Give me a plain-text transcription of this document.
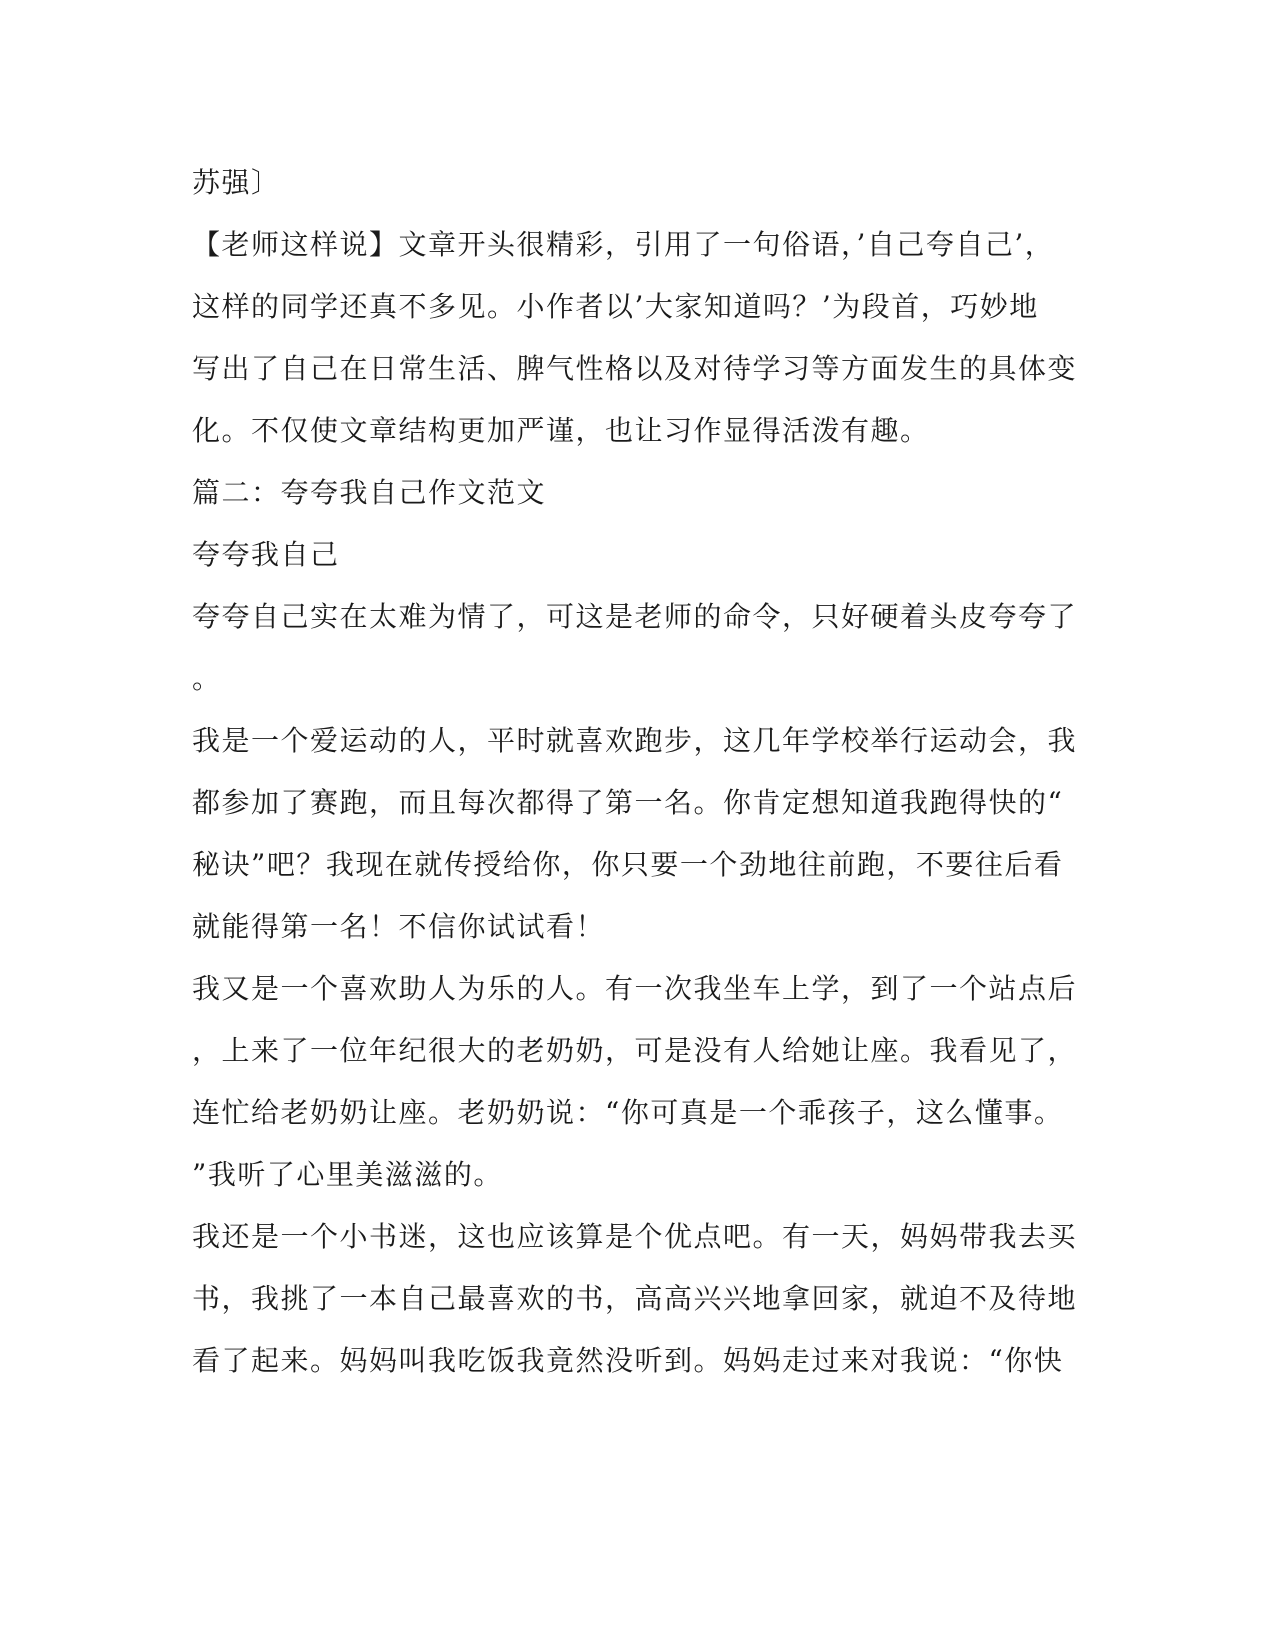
苏强〕
【老师这样说】文章开头很精彩，引用了一句俗语，’自己夸自己’，
这样的同学还真不多见。小作者以’大家知道吗？’为段首，巧妙地
写出了自己在日常生活、脾气性格以及对待学习等方面发生的具体变
化。不仅使文章结构更加严谨，也让习作显得活泼有趣。
篇二：夸夸我自己作文范文
夸夸我自己
夸夸自己实在太难为情了，可这是老师的命令，只好硬着头皮夸夸了
。
我是一个爱运动的人，平时就喜欢跑步，这几年学校举行运动会，我
都参加了赛跑，而且每次都得了第一名。你肯定想知道我跑得快的“
秘诀”吧？我现在就传授给你，你只要一个劲地往前跑，不要往后看
就能得第一名！不信你试试看！
我又是一个喜欢助人为乐的人。有一次我坐车上学，到了一个站点后
，上来了一位年纪很大的老奶奶，可是没有人给她让座。我看见了，
连忙给老奶奶让座。老奶奶说：“你可真是一个乖孩子，这么懂事。
”我听了心里美滋滋的。
我还是一个小书迷，这也应该算是个优点吧。有一天，妈妈带我去买
书，我挑了一本自己最喜欢的书，高高兴兴地拿回家，就迫不及待地
看了起来。妈妈叫我吃饭我竟然没听到。妈妈走过来对我说：“你快
